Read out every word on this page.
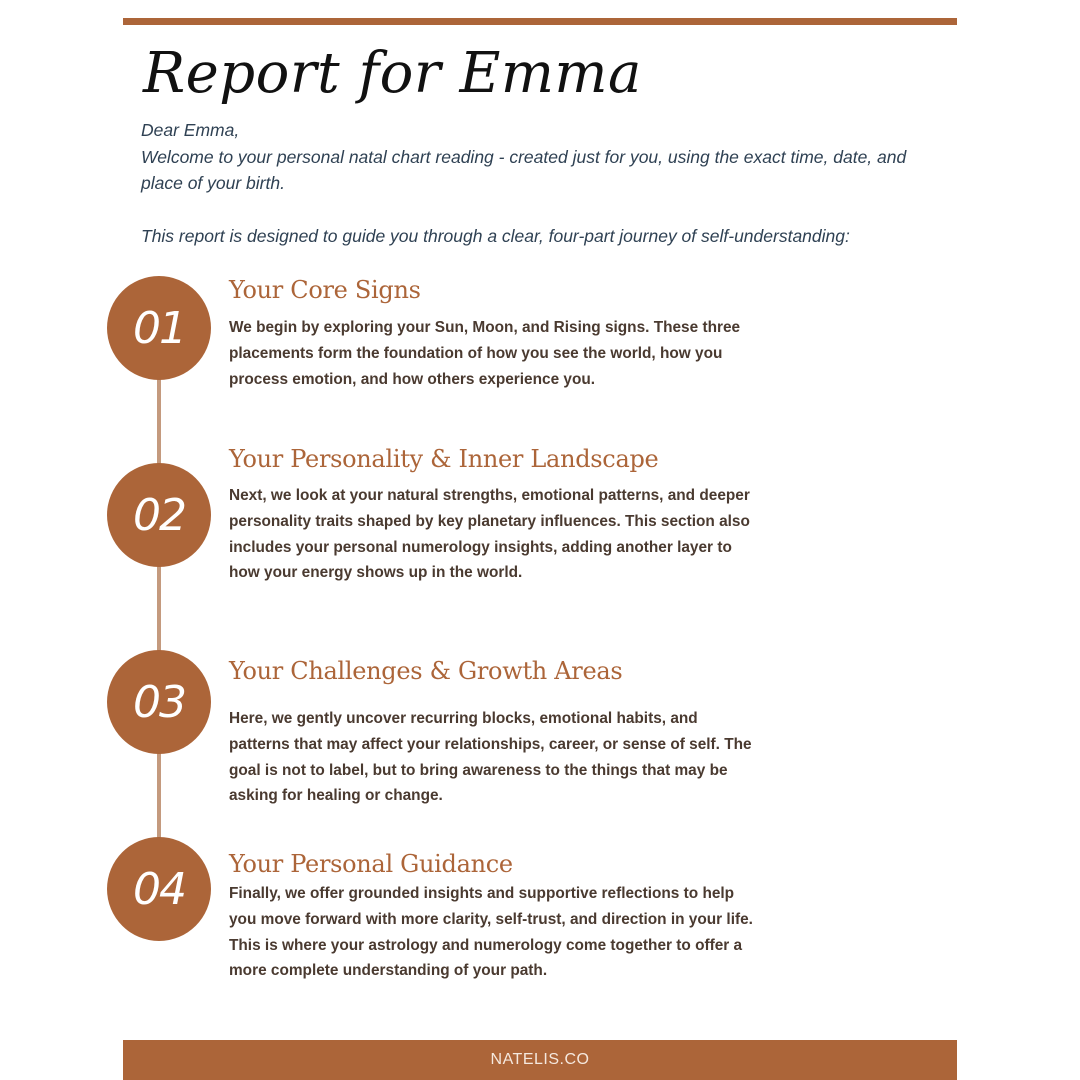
Report for Emma

Dear Emma,

Welcome to your personal natal chart reading - created just for you, using the exact time, date, and place of your birth.

This report is designed to guide you through a clear, four-part journey of self-understanding:

01
Your Core Signs
We begin by exploring your Sun, Moon, and Rising signs. These three placements form the foundation of how you see the world, how you process emotion, and how others experience you.
02
Your Personality & Inner Landscape
Next, we look at your natural strengths, emotional patterns, and deeper personality traits shaped by key planetary influences. This section also includes your personal numerology insights, adding another layer to how your energy shows up in the world.
03
Your Challenges & Growth Areas
Here, we gently uncover recurring blocks, emotional habits, and patterns that may affect your relationships, career, or sense of self. The goal is not to label, but to bring awareness to the things that may be asking for healing or change.
04	Your Personal Guidance
Finally, we offer grounded insights and supportive reflections to help you move forward with more clarity, self-trust, and direction in your life. This is where your astrology and numerology come together to offer a more complete understanding of your path.
NATELIS.CO
